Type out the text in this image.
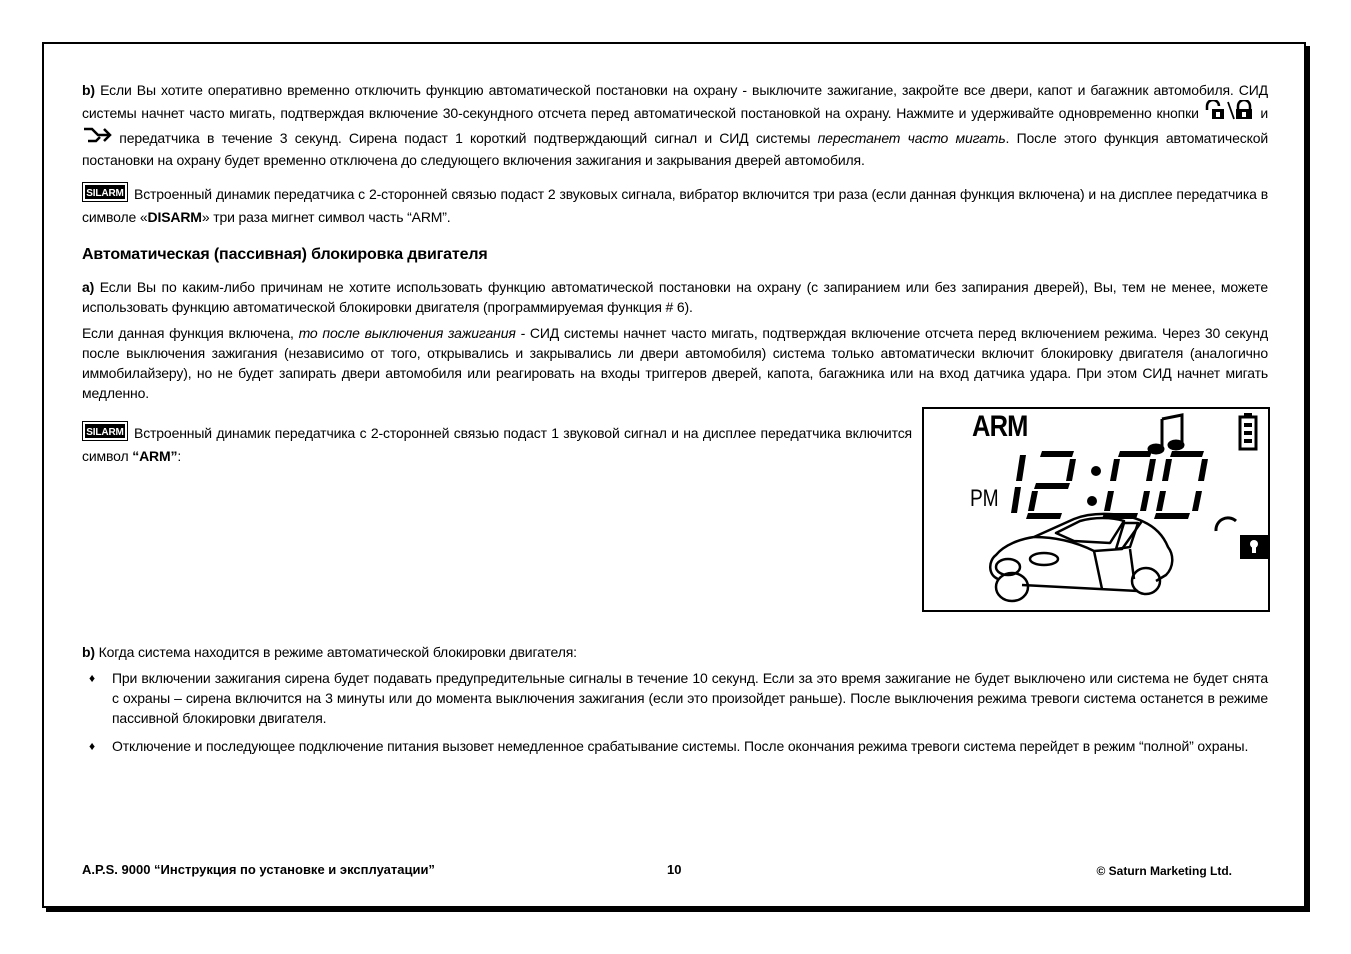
b) Если Вы хотите оперативно временно отключить функцию автоматической постановки на охрану - выключите зажигание, закройте все двери, капот и багажник автомобиля. СИД системы начнет часто мигать, подтверждая включение 30-секундного отсчета перед автоматической постановкой на охрану. Нажмите и удерживайте одновременно кнопки	и  передатчика в течение 3 секунд. Сирена подаст 1 короткий подтверждающий сигнал и СИД системы перестанет часто мигать. После этого функция автоматической постановки на охрану будет временно отключена до следующего включения зажигания и закрывания дверей автомобиля.

SILARM Встроенный динамик передатчика с 2-сторонней связью подаст 2 звуковых сигнала, вибратор включится три раза (если данная функция включена) и на дисплее передатчика в символе «DISARM» три раза мигнет символ часть “ARM”.

Автоматическая (пассивная) блокировка двигателя

а) Если Вы по каким-либо причинам не хотите использовать функцию автоматической постановки на охрану (с запиранием или без запирания дверей), Вы, тем не менее, можете использовать функцию автоматической блокировки двигателя (программируемая функция # 6).

Если данная функция включена, то после выключения зажигания - СИД системы начнет часто мигать, подтверждая включение отсчета перед включением режима. Через 30 секунд после выключения зажигания (независимо от того, открывались и закрывались ли двери автомобиля) система только автоматически включит блокировку двигателя (аналогично иммобилайзеру), но не будет запирать двери автомобиля или реагировать на входы триггеров дверей, капота, багажника или на вход датчика удара. При этом СИД начнет мигать медленно.

SILARM Встроенный динамик передатчика с 2-сторонней связью подаст 1 звуковой сигнал и на дисплее передатчика включится символ “ARM”:

ARM
PM

b) Когда система находится в режиме автоматической блокировки двигателя:

♦ При включении зажигания сирена будет подавать предупредительные сигналы в течение 10 секунд. Если за это время зажигание не будет выключено или система не будет снята с охраны – сирена включится на 3 минуты или до момента выключения зажигания (если это произойдет раньше). После выключения режима тревоги система останется в режиме пассивной блокировки двигателя.
♦ Отключение и последующее подключение питания вызовет немедленное срабатывание системы. После окончания режима тревоги система перейдет в режим “полной” охраны.
A.P.S. 9000 “Инструкция по установке и эксплуатации”	10	© Saturn Marketing Ltd.
